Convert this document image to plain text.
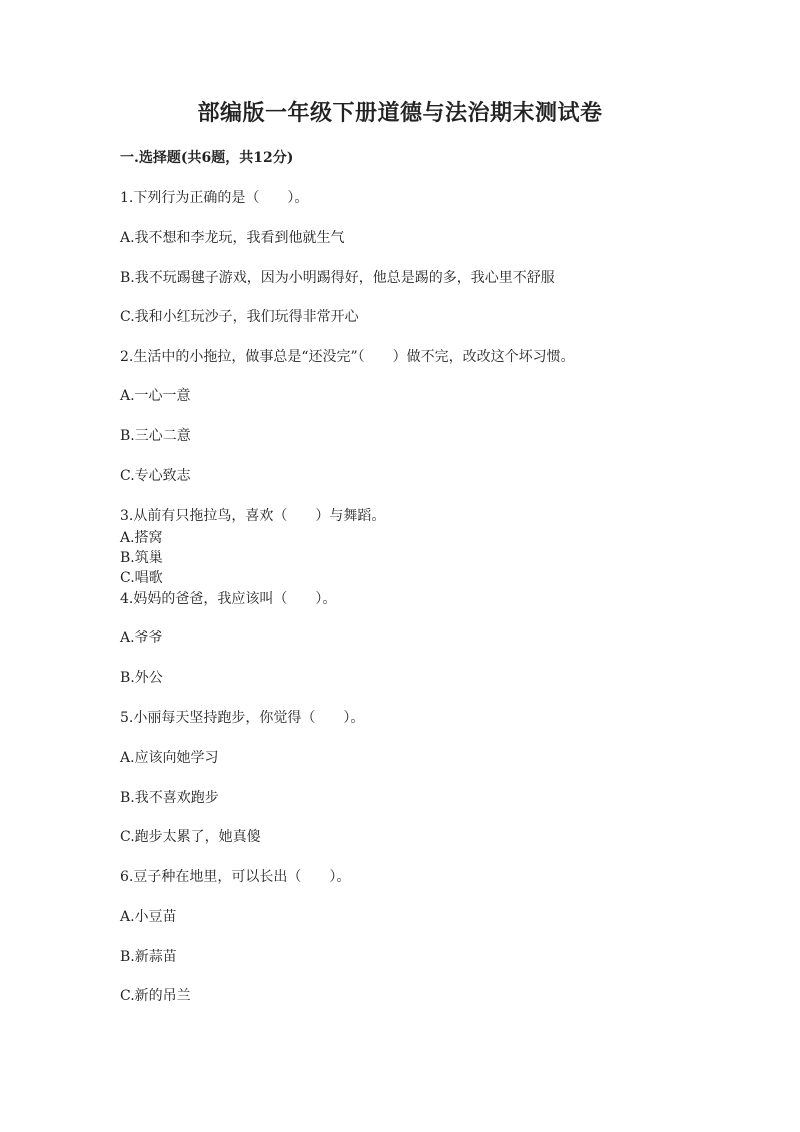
部编版一年级下册道德与法治期末测试卷
一.选择题(共6题，共12分)
1.下列行为正确的是（　　）。
A.我不想和李龙玩，我看到他就生气
B.我不玩踢毽子游戏，因为小明踢得好，他总是踢的多，我心里不舒服
C.我和小红玩沙子，我们玩得非常开心
2.生活中的小拖拉，做事总是“还没完”（　　）做不完，改改这个坏习惯。
A.一心一意
B.三心二意
C.专心致志
3.从前有只拖拉鸟，喜欢（　　）与舞蹈。
A.搭窝
B.筑巢
C.唱歌
4.妈妈的爸爸，我应该叫（　　）。
A.爷爷
B.外公
5.小丽每天坚持跑步，你觉得（　　）。
A.应该向她学习
B.我不喜欢跑步
C.跑步太累了，她真傻
6.豆子种在地里，可以长出（　　）。
A.小豆苗
B.新蒜苗
C.新的吊兰
